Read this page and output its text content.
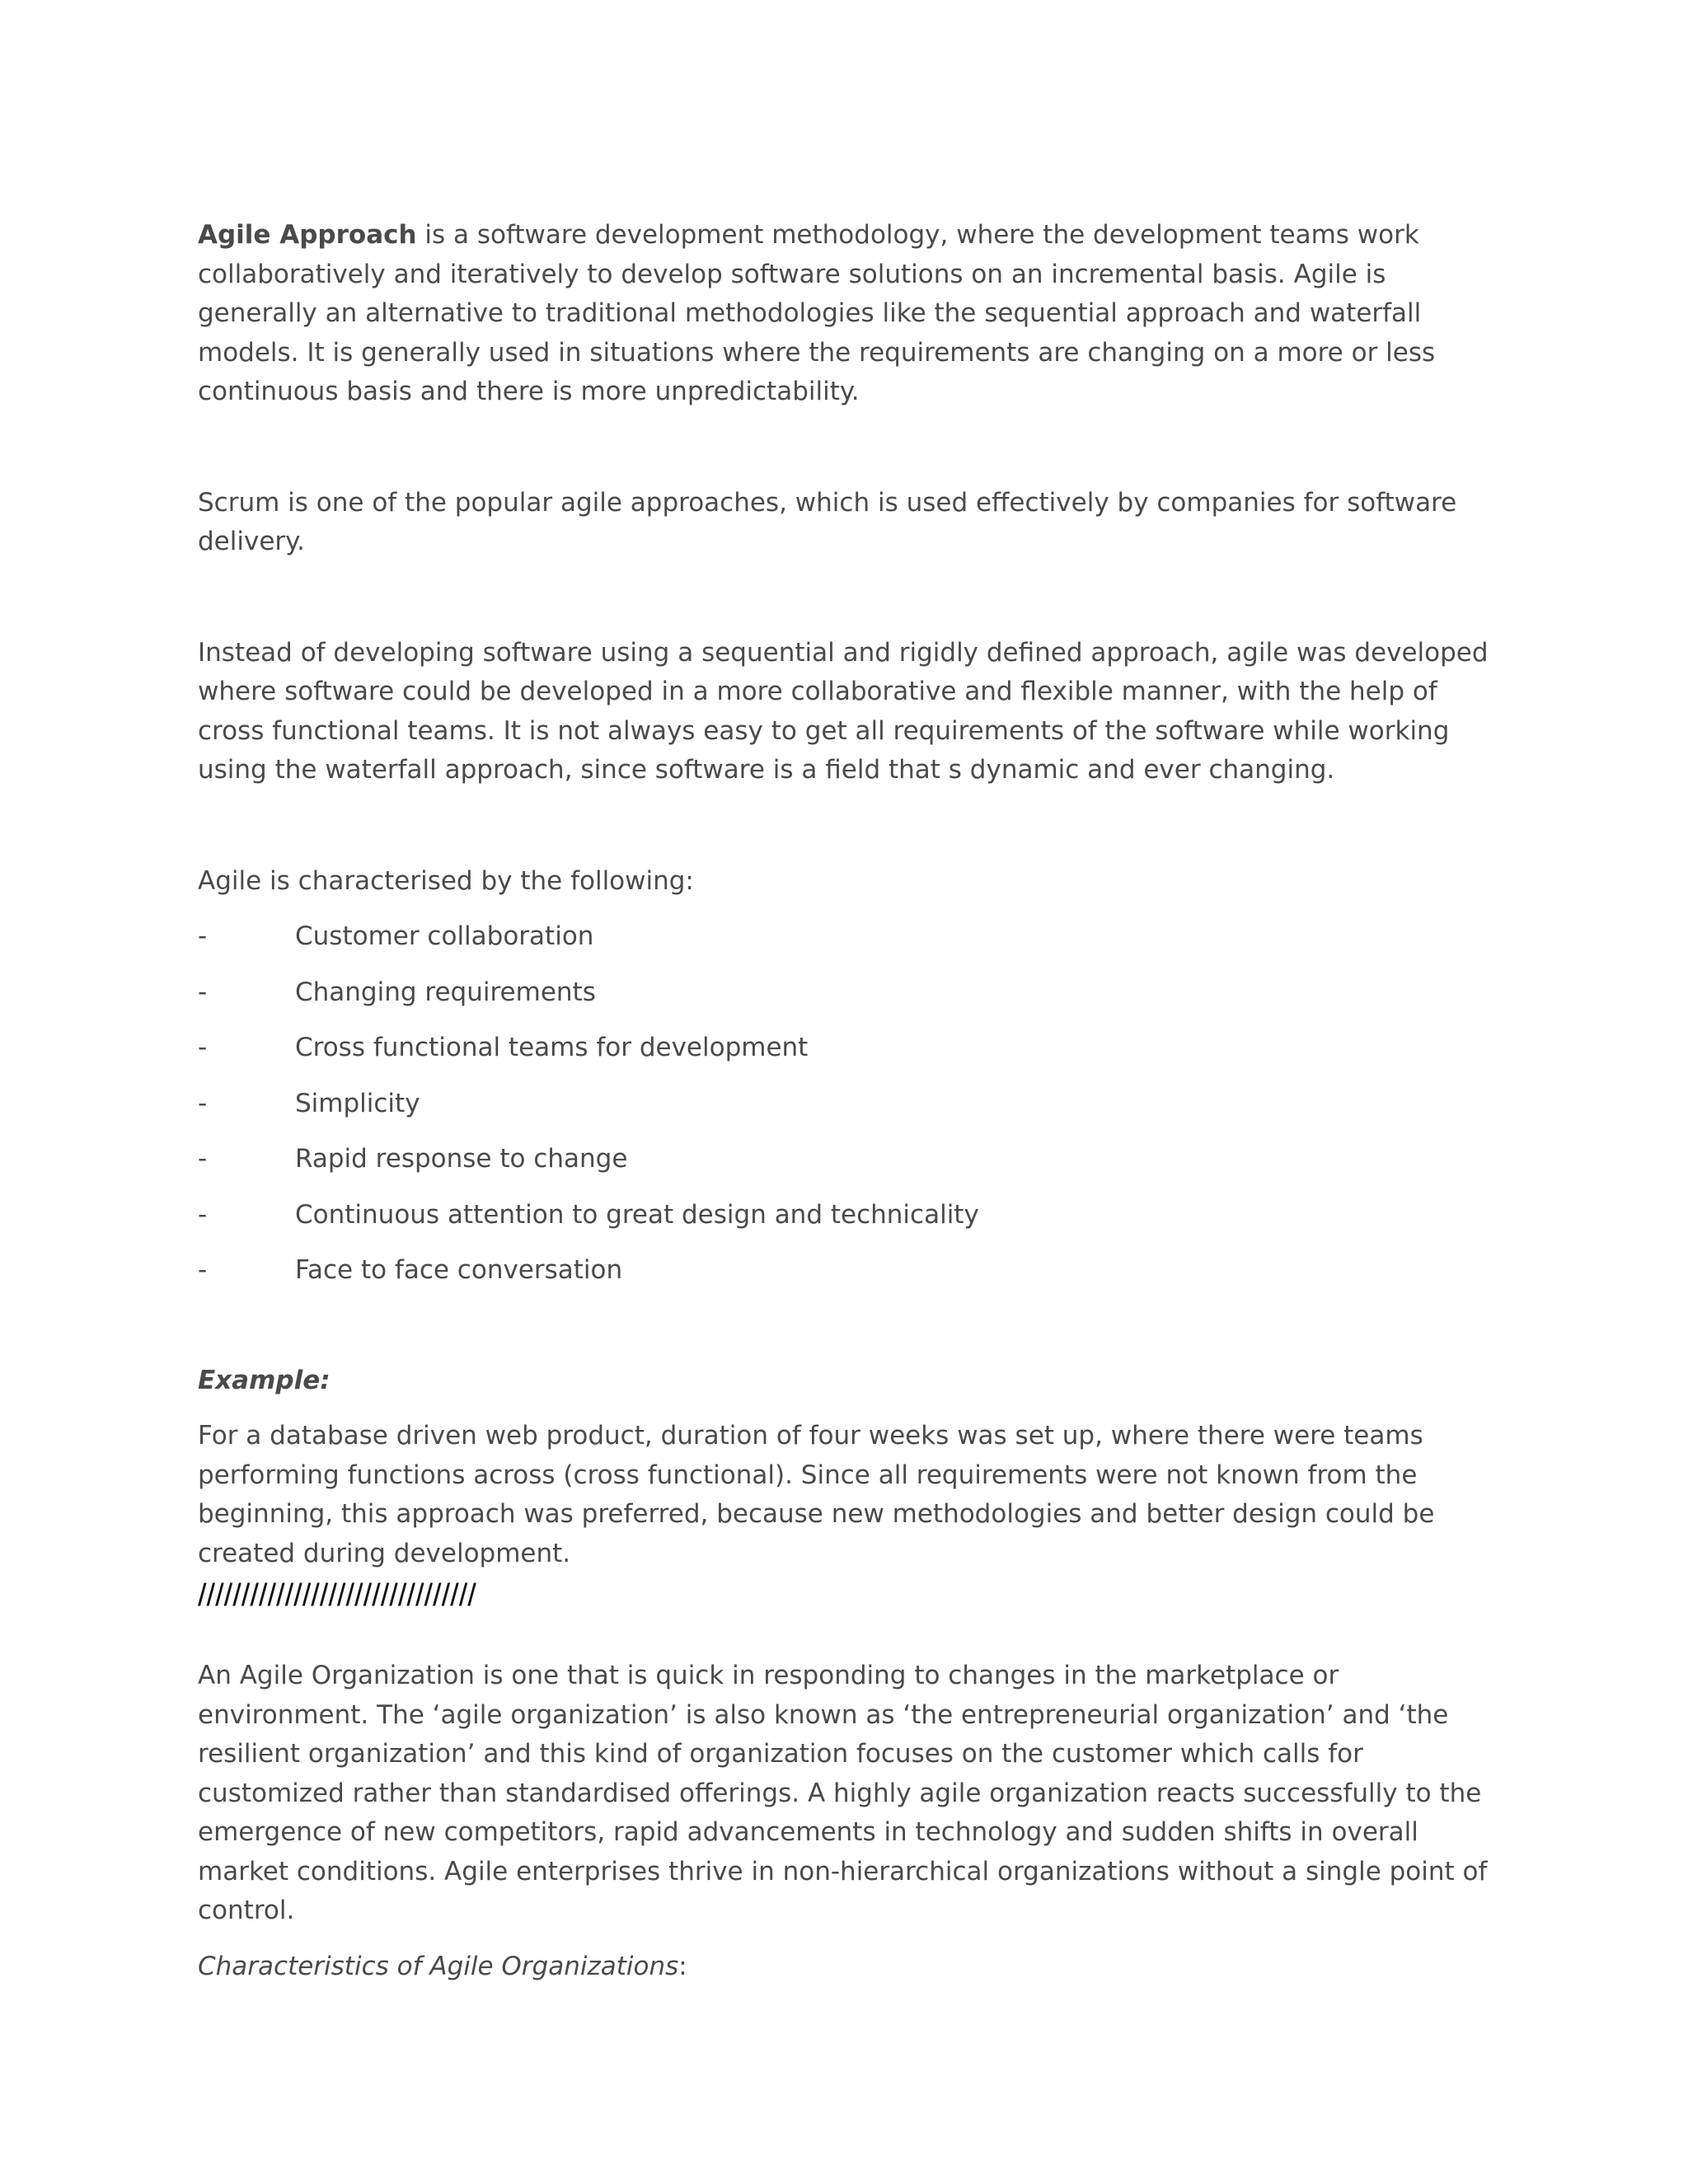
Agile Approach is a software development methodology, where the development teams work collaboratively and iteratively to develop software solutions on an incremental basis. Agile is generally an alternative to traditional methodologies like the sequential approach and waterfall models. It is generally used in situations where the requirements are changing on a more or less continuous basis and there is more unpredictability.

Scrum is one of the popular agile approaches, which is used effectively by companies for software delivery.

Instead of developing software using a sequential and rigidly defined approach, agile was developed where software could be developed in a more collaborative and flexible manner, with the help of cross functional teams. It is not always easy to get all requirements of the software while working using the waterfall approach, since software is a field that s dynamic and ever changing.

Agile is characterised by the following:

-	Customer collaboration
-	Changing requirements
-	Cross functional teams for development
-	Simplicity
-	Rapid response to change
-	Continuous attention to great design and technicality
-	Face to face conversation

Example:

For a database driven web product, duration of four weeks was set up, where there were teams performing functions across (cross functional). Since all requirements were not known from the beginning, this approach was preferred, because new methodologies and better design could be created during development.

////////////////////////////////

An Agile Organization is one that is quick in responding to changes in the marketplace or environment. The ‘agile organization’ is also known as ‘the entrepreneurial organization’ and ‘the resilient organization’ and this kind of organization focuses on the customer which calls for customized rather than standardised offerings. A highly agile organization reacts successfully to the emergence of new competitors, rapid advancements in technology and sudden shifts in overall market conditions. Agile enterprises thrive in non-hierarchical organizations without a single point of control.

Characteristics of Agile Organizations:
